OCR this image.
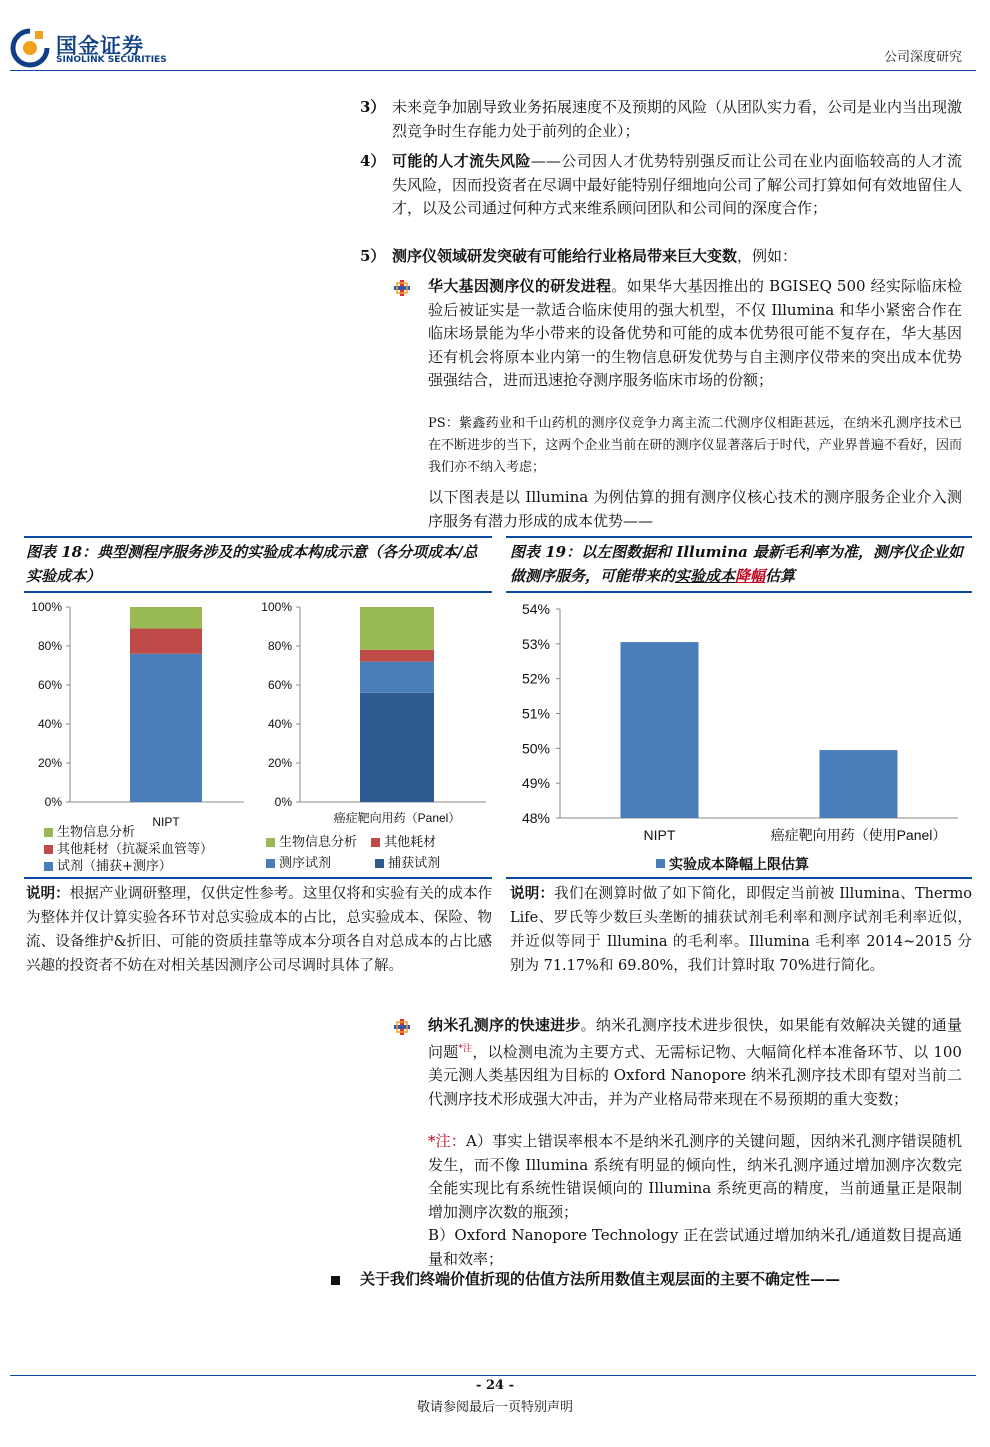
国金证券
SINOLINK SECURITIES	公司深度研究
3） 未来竞争加剧导致业务拓展速度不及预期的风险（从团队实力看，公司是业内当出现激烈竞争时生存能力处于前列的企业）；
4） 可能的人才流失风险——公司因人才优势特别强反而让公司在业内面临较高的人才流失风险，因而投资者在尽调中最好能特别仔细地向公司了解公司打算如何有效地留住人才，以及公司通过何种方式来维系顾问团队和公司间的深度合作；
5） 测序仪领域研发突破有可能给行业格局带来巨大变数，例如：
华大基因测序仪的研发进程。如果华大基因推出的 BGISEQ 500 经实际临床检验后被证实是一款适合临床使用的强大机型，不仅 Illumina 和华小紧密合作在临床场景能为华小带来的设备优势和可能的成本优势很可能不复存在，华大基因还有机会将原本业内第一的生物信息研发优势与自主测序仪带来的突出成本优势强强结合，进而迅速抢夺测序服务临床市场的份额；
PS：紫鑫药业和千山药机的测序仪竞争力离主流二代测序仪相距甚远，在纳米孔测序技术已在不断进步的当下，这两个企业当前在研的测序仪显著落后于时代，产业界普遍不看好，因而我们亦不纳入考虑；
以下图表是以 Illumina 为例估算的拥有测序仪核心技术的测序服务企业介入测序服务有潜力形成的成本优势——
图表 18：典型测程序服务涉及的实验成本构成示意（各分项成本/总实验成本）
图表 19：以左图数据和 Illumina 最新毛利率为准，测序仪企业如做测序服务，可能带来的实验成本降幅估算
0%
20%
40%
60%
80%
100%
NIPT
0%
20%
40%
60%
80%
100%
癌症靶向用药（Panel）
生物信息分析
其他耗材（抗凝采血管等）
试剂（捕获+测序）
生物信息分析 其他耗材
测序试剂	捕获试剂
48%
49%
50%
51%
52%
53%
54%
NIPT	癌症靶向用药（使用Panel）
实验成本降幅上限估算
说明：根据产业调研整理，仅供定性参考。这里仅将和实验有关的成本作为整体并仅计算实验各环节对总实验成本的占比，总实验成本、保险、物流、设备维护&折旧、可能的资质挂靠等成本分项各自对总成本的占比感兴趣的投资者不妨在对相关基因测序公司尽调时具体了解。
说明：我们在测算时做了如下简化，即假定当前被 Illumina、Thermo Life、罗氏等少数巨头垄断的捕获试剂毛利率和测序试剂毛利率近似，并近似等同于 Illumina 的毛利率。Illumina 毛利率 2014~2015 分别为 71.17%和 69.80%，我们计算时取 70%进行简化。
纳米孔测序的快速进步。纳米孔测序技术进步很快，如果能有效解决关键的通量问题$^{*注}$，以检测电流为主要方式、无需标记物、大幅简化样本准备环节、以 100 美元测人类基因组为目标的 Oxford Nanopore 纳米孔测序技术即有望对当前二代测序技术形成强大冲击，并为产业格局带来现在不易预期的重大变数；
*注：A）事实上错误率根本不是纳米孔测序的关键问题，因纳米孔测序错误随机发生，而不像 Illumina 系统有明显的倾向性，纳米孔测序通过增加测序次数完全能实现比有系统性错误倾向的 Illumina 系统更高的精度，当前通量正是限制增加测序次数的瓶颈；
B）Oxford Nanopore Technology 正在尝试通过增加纳米孔/通道数目提高通量和效率；
关于我们终端价值折现的估值方法所用数值主观层面的主要不确定性——
- 24 -
敬请参阅最后一页特别声明
